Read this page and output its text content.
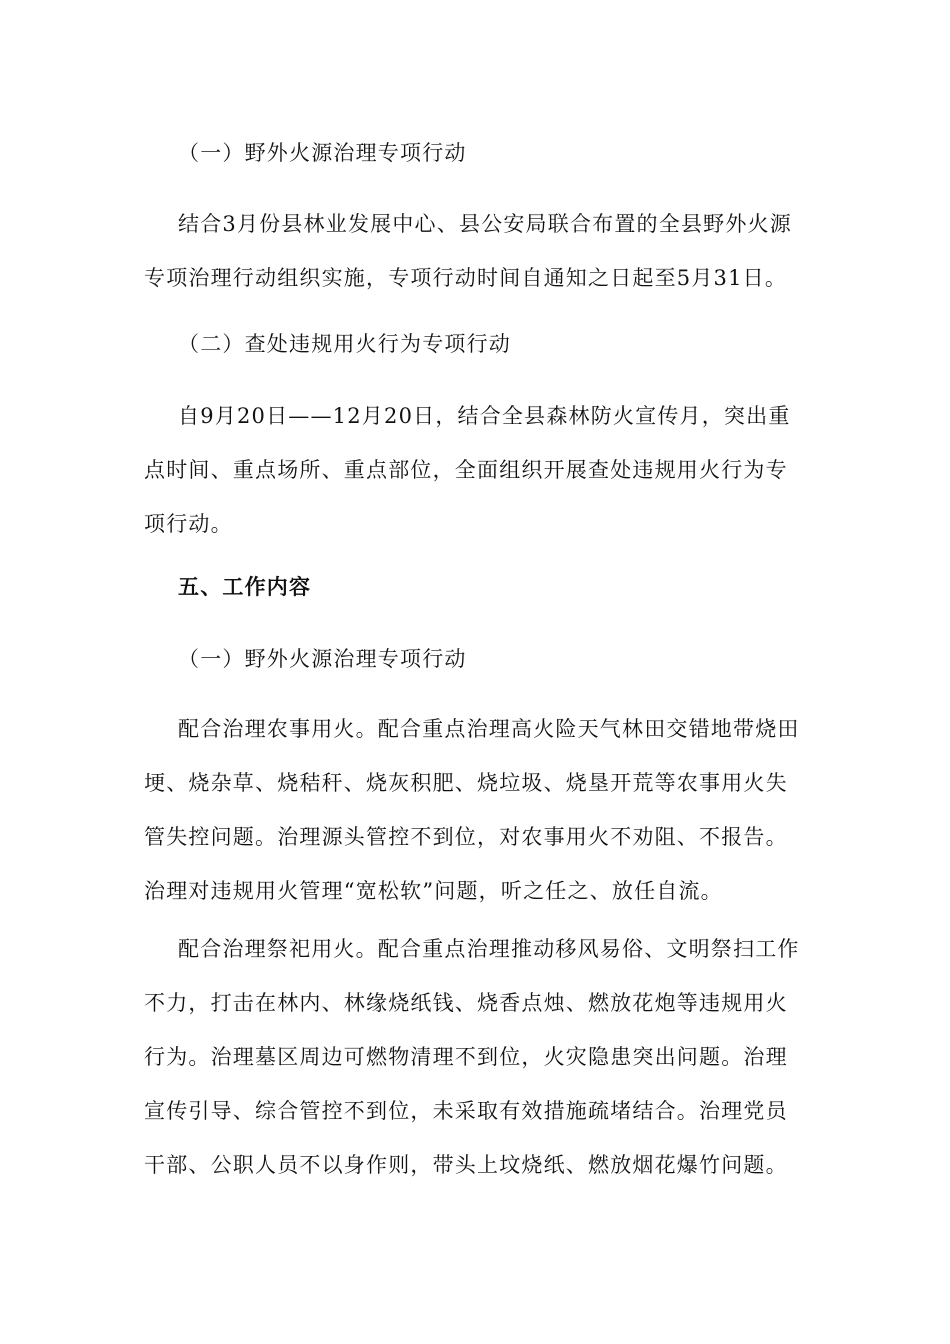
（一）野外火源治理专项行动

结合3月份县林业发展中心、县公安局联合布置的全县野外火源
专项治理行动组织实施，专项行动时间自通知之日起至5月31日。

（二）查处违规用火行为专项行动

自9月20日——12月20日，结合全县森林防火宣传月，突出重
点时间、重点场所、重点部位，全面组织开展查处违规用火行为专
项行动。

五、工作内容

（一）野外火源治理专项行动

配合治理农事用火。配合重点治理高火险天气林田交错地带烧田
埂、烧杂草、烧秸秆、烧灰积肥、烧垃圾、烧垦开荒等农事用火失
管失控问题。治理源头管控不到位，对农事用火不劝阻、不报告。
治理对违规用火管理“宽松软”问题，听之任之、放任自流。

配合治理祭祀用火。配合重点治理推动移风易俗、文明祭扫工作
不力，打击在林内、林缘烧纸钱、烧香点烛、燃放花炮等违规用火
行为。治理墓区周边可燃物清理不到位，火灾隐患突出问题。治理
宣传引导、综合管控不到位，未采取有效措施疏堵结合。治理党员
干部、公职人员不以身作则，带头上坟烧纸、燃放烟花爆竹问题。
